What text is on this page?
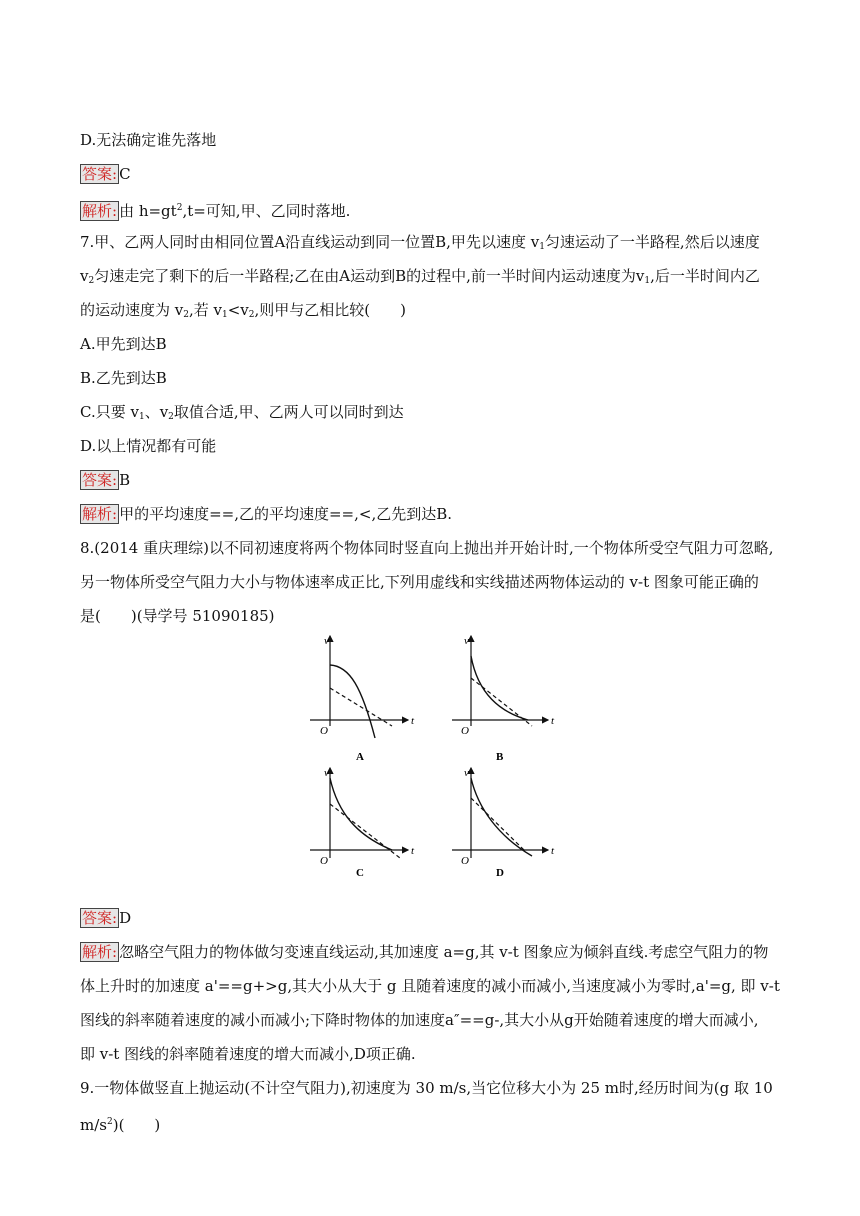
D.无法确定谁先落地
答案: C
解析: 由 $h=gt^2,t=$可知,甲、乙同时落地.
7.甲、乙两人同时由相同位置A沿直线运动到同一位置B,甲先以速度 $v_1$匀速运动了一半路程,然后以速度
$v_2$匀速走完了剩下的后一半路程;乙在由A运动到B的过程中,前一半时间内运动速度为$v_1$,后一半时间内乙
的运动速度为 $v_2$,若 $v_1<v_2$,则甲与乙相比较(　　)
A.甲先到达B
B.乙先到达B
C.只要 $v_1$、$v_2$取值合适,甲、乙两人可以同时到达
D.以上情况都有可能
答案: B
解析: 甲的平均速度==,乙的平均速度==,<,乙先到达B.
8.(2014 重庆理综)以不同初速度将两个物体同时竖直向上抛出并开始计时,一个物体所受空气阻力可忽略,
另一物体所受空气阻力大小与物体速率成正比,下列用虚线和实线描述两物体运动的 v-t 图象可能正确的
是(　　)(导学号 51090185)
v
t
O
A
v
t
O
B
v
t
O
C
v
t
O
D
答案: D
解析: 忽略空气阻力的物体做匀变速直线运动,其加速度 a=g,其 v-t 图象应为倾斜直线.考虑空气阻力的物
体上升时的加速度 a'==g+>g,其大小从大于 g 且随着速度的减小而减小,当速度减小为零时,a'=g, 即 v-t
图线的斜率随着速度的减小而减小;下降时物体的加速度a″==g-,其大小从g开始随着速度的增大而减小,
即 v-t 图线的斜率随着速度的增大而减小,D项正确.
9.一物体做竖直上抛运动(不计空气阻力),初速度为 30 m/s,当它位移大小为 25 m时,经历时间为(g 取 10
$m/s^2$)(　　)
